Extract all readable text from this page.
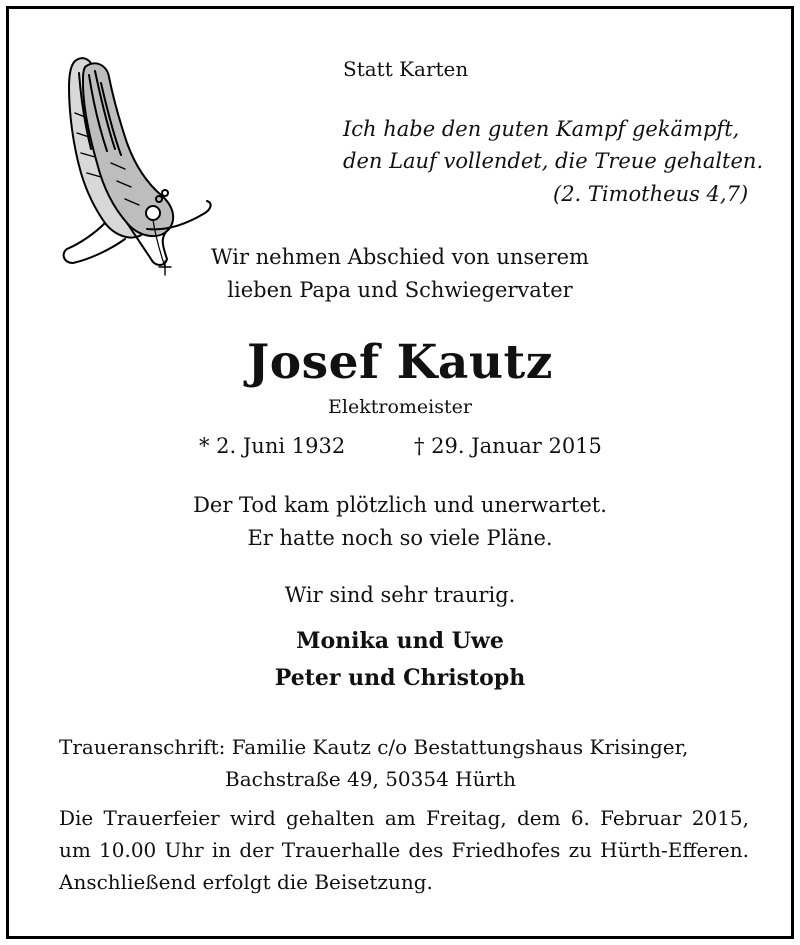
Statt Karten
Ich habe den guten Kampf gekämpft,
den Lauf vollendet, die Treue gehalten.
(2. Timotheus 4,7)
Wir nehmen Abschied von unserem
lieben Papa und Schwiegervater
Josef Kautz
Elektromeister
* 2. Juni 1932	† 29. Januar 2015
Der Tod kam plötzlich und unerwartet.
Er hatte noch so viele Pläne.
Wir sind sehr traurig.
Monika und Uwe
Peter und Christoph
Traueranschrift: Familie Kautz c/o Bestattungshaus Krisinger,
Bachstraße 49, 50354 Hürth
Die Trauerfeier wird gehalten am Freitag, dem 6. Februar 2015, um 10.00 Uhr in der Trauerhalle des Friedhofes zu Hürth-Efferen. Anschließend erfolgt die Beisetzung.
